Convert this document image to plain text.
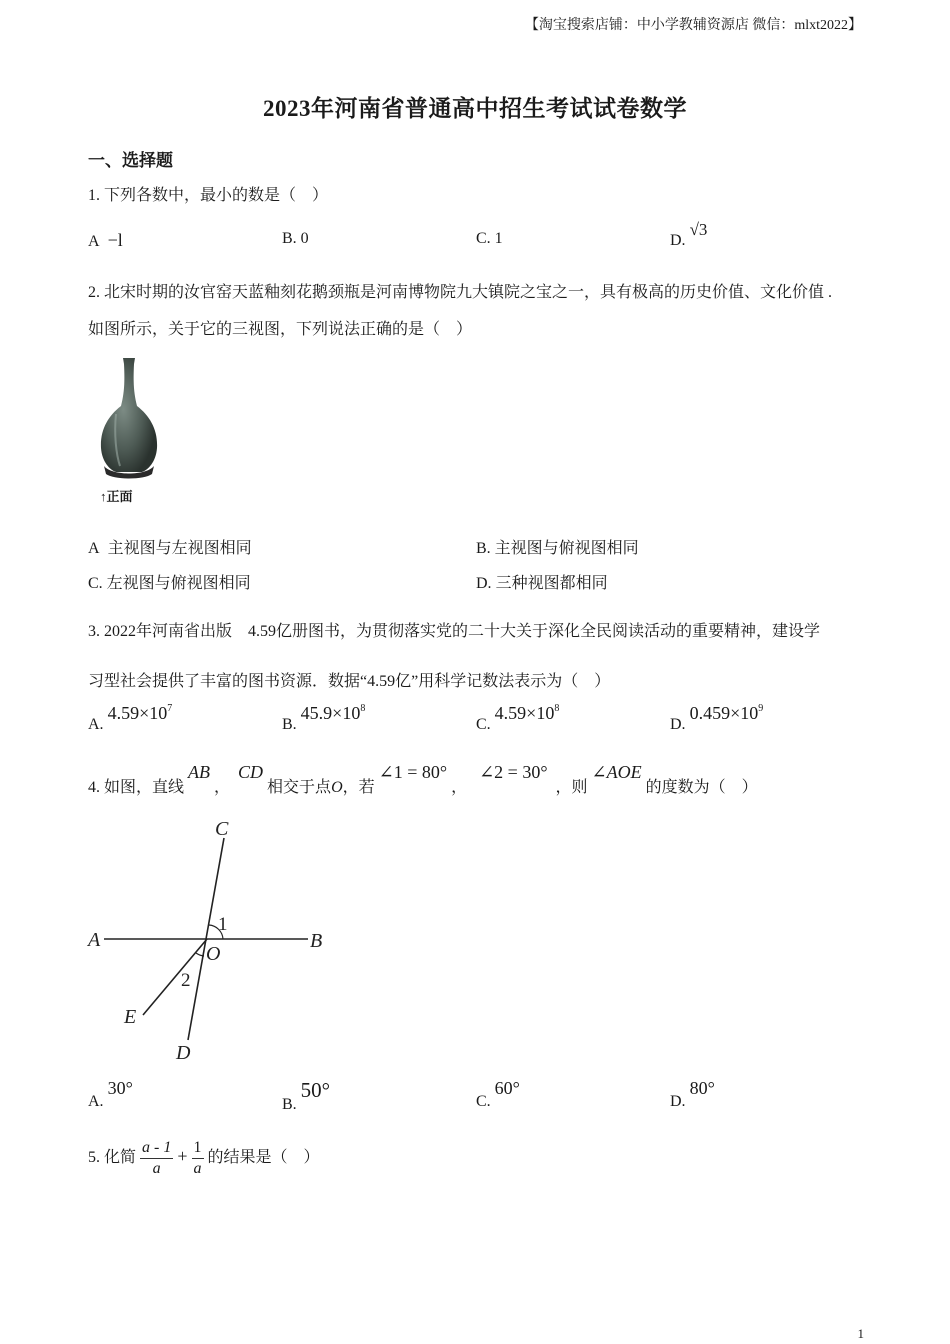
【淘宝搜索店铺：中小学教辅资源店 微信：mlxt2022】
2023年河南省普通高中招生考试试卷数学
一、选择题
1. 下列各数中，最小的数是（　）
A −l	B. 0	C. 1	D. √3
2. 北宋时期的汝官窑天蓝釉刻花鹅颈瓶是河南博物院九大镇院之宝之一，具有极高的历史价值、文化价值 .
如图所示，关于它的三视图，下列说法正确的是（　）
↑正面
A 主视图与左视图相同	B. 主视图与俯视图相同
C. 左视图与俯视图相同	D. 三种视图都相同
3. 2022年河南省出版　4.59亿册图书，为贯彻落实党的二十大关于深化全民阅读活动的重要精神，建设学
习型社会提供了丰富的图书资源．数据“4.59亿”用科学记数法表示为（　）
A. $4.59\times 10^7$
B. $45.9\times 10^8$
C. $4.59\times 10^8$
D. $0.459\times 10^9$
4. 如图，直线 AB ，  CD 相交于点O，若 ∠1 = 80° ，   ∠2 = 30°  ，则 ∠AOE 的度数为（　）
C
A	B
O
E
D
1
2
A. 30°
B. 50°	C. 60°
D. 80°
5. 化简 $\frac{a - 1}{a} + \frac{1}{a}$ 的结果是（　）
1
